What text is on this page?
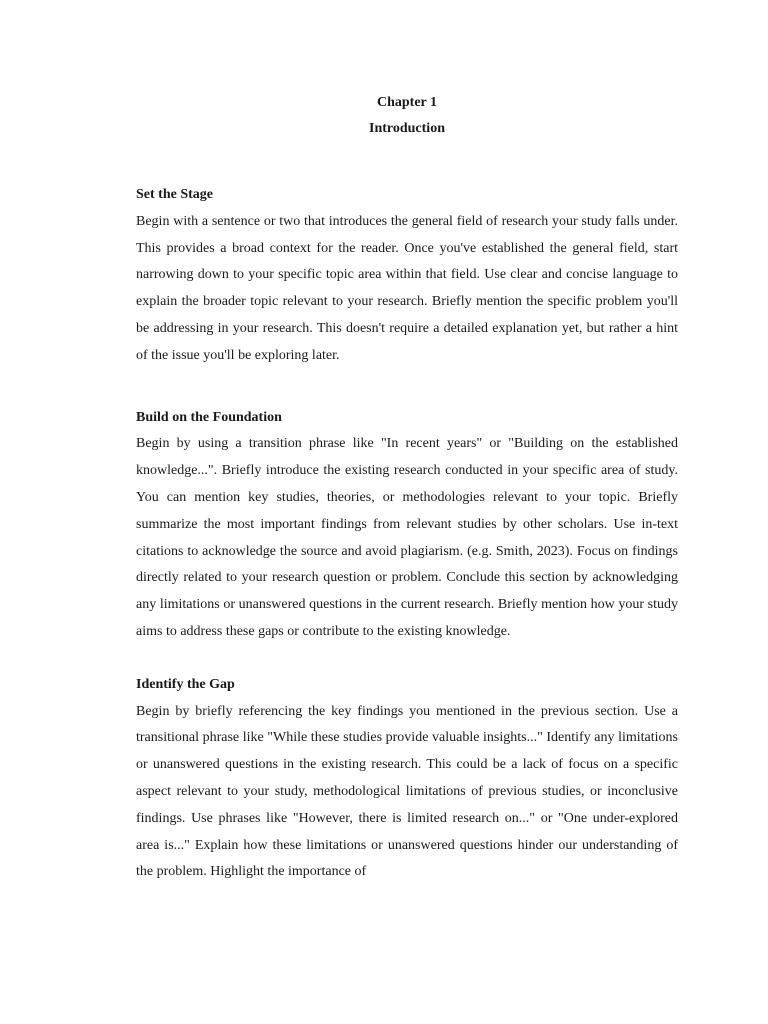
Chapter 1

Introduction

Set the Stage

Begin with a sentence or two that introduces the general field of research your study falls under. This provides a broad context for the reader. Once you've established the general field, start narrowing down to your specific topic area within that field. Use clear and concise language to explain the broader topic relevant to your research. Briefly mention the specific problem you'll be addressing in your research. This doesn't require a detailed explanation yet, but rather a hint of the issue you'll be exploring later.

Build on the Foundation

Begin by using a transition phrase like "In recent years" or "Building on the established knowledge...". Briefly introduce the existing research conducted in your specific area of study. You can mention key studies, theories, or methodologies relevant to your topic. Briefly summarize the most important findings from relevant studies by other scholars. Use in-text citations to acknowledge the source and avoid plagiarism. (e.g. Smith, 2023). Focus on findings directly related to your research question or problem. Conclude this section by acknowledging any limitations or unanswered questions in the current research. Briefly mention how your study aims to address these gaps or contribute to the existing knowledge.

Identify the Gap

Begin by briefly referencing the key findings you mentioned in the previous section. Use a transitional phrase like "While these studies provide valuable insights..." Identify any limitations or unanswered questions in the existing research. This could be a lack of focus on a specific aspect relevant to your study, methodological limitations of previous studies, or inconclusive findings. Use phrases like "However, there is limited research on..." or "One under-explored area is..." Explain how these limitations or unanswered questions hinder our understanding of the problem. Highlight the importance of
